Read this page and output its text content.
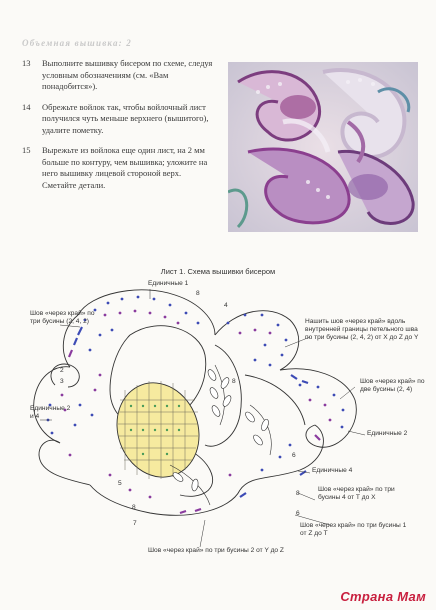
Объемная вышивка: 2
13	Выполните вышивку бисером по схеме, следуя условным обозначениям (см. «Вам понадобится»).
14	Обрежьте войлок так, чтобы войлочный лист получился чуть меньше верхнего (вышитого), удалите пометку.
15	Вырежьте из войлока еще один лист, на 2 мм больше по контуру, чем вышивка; уложите на него вышивку лицевой стороной верх. Сметайте детали.
Лист 1. Схема вышивки бисером
Единичные 1
Шов «через край» по три бусины (2, 4, 2)
Единичные 2 и 4
Нашить шов «через край» вдоль внутренней границы петельного шва по три бусины (2, 4, 2) от Х до Z до Y
Шов «через край» по две бусины (2, 4)
Единичные 2
Единичные 4
Шов «через край» по три бусины 4 от Т до Х
Шов «через край» по три бусины 1 от Z до Т
Шов «через край» по три бусины 2 от Y до Z
8
4
2
3	8
5
7
8
6
8
6
Страна Мам
